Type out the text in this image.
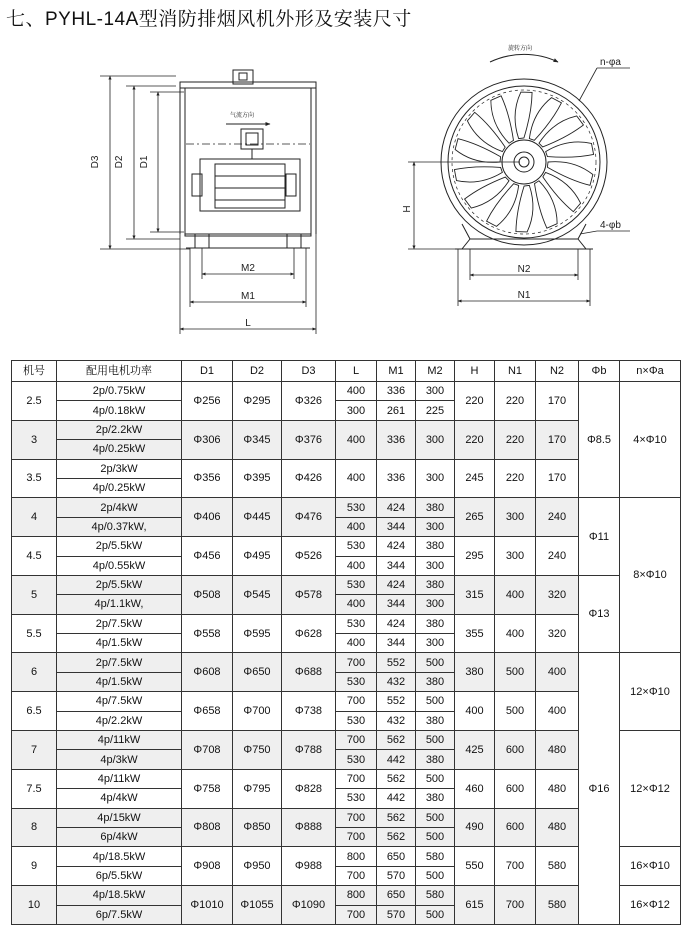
七、PYHL-14A型消防排烟风机外形及安装尺寸
气流方向
D3 D2 D1
M2
M1
L
旋转方向
n-φa
H
4-φb
N2
N1
机号	配用电机功率	D1	D2	D3	L	M1	M2	H	N1	N2	Φb	n×Φa
2.5	2p/0.75kW	Φ256	Φ295	Φ326	400	336	300	220	220	170	Φ8.5	4×Φ10
	4p/0.18kW				300	261	225					
3	2p/2.2kW	Φ306	Φ345	Φ376	400	336	300	220	220	170		
	4p/0.25kW											
3.5	2p/3kW	Φ356	Φ395	Φ426	400	336	300	245	220	170		
	4p/0.25kW											
4	2p/4kW	Φ406	Φ445	Φ476	530	424	380	265	300	240	Φ11	8×Φ10
	4p/0.37kW,				400	344	300					
4.5	2p/5.5kW	Φ456	Φ495	Φ526	530	424	380	295	300	240		
	4p/0.55kW				400	344	300					
5	2p/5.5kW	Φ508	Φ545	Φ578	530	424	380	315	400	320	Φ13	
	4p/1.1kW,				400	344	300					
5.5	2p/7.5kW	Φ558	Φ595	Φ628	530	424	380	355	400	320		
	4p/1.5kW				400	344	300					
6	2p/7.5kW	Φ608	Φ650	Φ688	700	552	500	380	500	400	Φ16	12×Φ10
	4p/1.5kW				530	432	380					
6.5	4p/7.5kW	Φ658	Φ700	Φ738	700	552	500	400	500	400		
	4p/2.2kW				530	432	380					
7	4p/11kW	Φ708	Φ750	Φ788	700	562	500	425	600	480		12×Φ12
	4p/3kW				530	442	380					
7.5	4p/11kW	Φ758	Φ795	Φ828	700	562	500	460	600	480		
	4p/4kW				530	442	380					
8	4p/15kW	Φ808	Φ850	Φ888	700	562	500	490	600	480		
	6p/4kW				700	562	500					
9	4p/18.5kW	Φ908	Φ950	Φ988	800	650	580	550	700	580		16×Φ10
	6p/5.5kW				700	570	500					
10	4p/18.5kW	Φ1010	Φ1055	Φ1090	800	650	580	615	700	580		16×Φ12
	6p/7.5kW				700	570	500					
